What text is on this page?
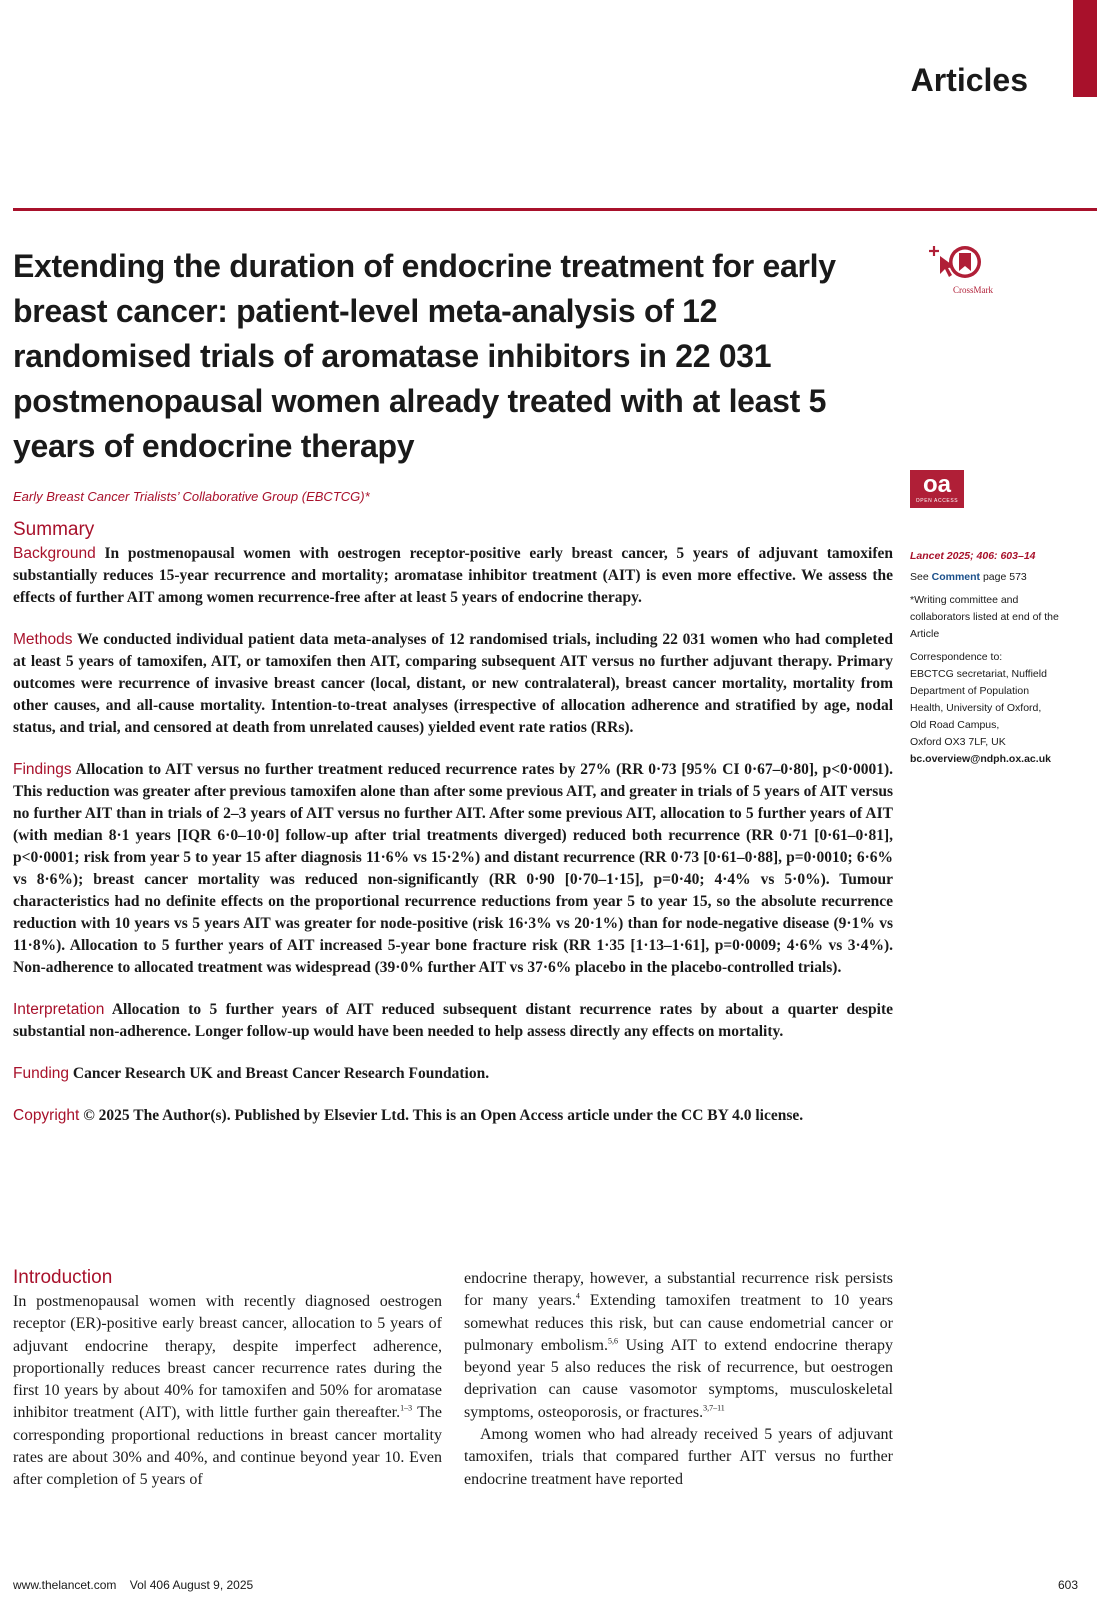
Articles
Extending the duration of endocrine treatment for early breast cancer: patient-level meta-analysis of 12 randomised trials of aromatase inhibitors in 22 031 postmenopausal women already treated with at least 5 years of endocrine therapy
CrossMark

Early Breast Cancer Trialists’ Collaborative Group (EBCTCG)*	oa
OPEN ACCESS
Summary

Background In postmenopausal women with oestrogen receptor-positive early breast cancer, 5 years of adjuvant tamoxifen substantially reduces 15-year recurrence and mortality; aromatase inhibitor treatment (AIT) is even more effective. We assess the effects of further AIT among women recurrence-free after at least 5 years of endocrine therapy.

Methods We conducted individual patient data meta-analyses of 12 randomised trials, including 22 031 women who had completed at least 5 years of tamoxifen, AIT, or tamoxifen then AIT, comparing subsequent AIT versus no further adjuvant therapy. Primary outcomes were recurrence of invasive breast cancer (local, distant, or new contralateral), breast cancer mortality, mortality from other causes, and all-cause mortality. Intention-to-treat analyses (irrespective of allocation adherence and stratified by age, nodal status, and trial, and censored at death from unrelated causes) yielded event rate ratios (RRs).

Findings Allocation to AIT versus no further treatment reduced recurrence rates by 27% (RR 0·73 [95% CI 0·67–0·80], p<0·0001). This reduction was greater after previous tamoxifen alone than after some previous AIT, and greater in trials of 5 years of AIT versus no further AIT than in trials of 2–3 years of AIT versus no further AIT. After some previous AIT, allocation to 5 further years of AIT (with median 8·1 years [IQR 6·0–10·0] follow-up after trial treatments diverged) reduced both recurrence (RR 0·71 [0·61–0·81], p<0·0001; risk from year 5 to year 15 after diagnosis 11·6% vs 15·2%) and distant recurrence (RR 0·73 [0·61–0·88], p=0·0010; 6·6% vs 8·6%); breast cancer mortality was reduced non-significantly (RR 0·90 [0·70–1·15], p=0·40; 4·4% vs 5·0%). Tumour characteristics had no definite effects on the proportional recurrence reductions from year 5 to year 15, so the absolute recurrence reduction with 10 years vs 5 years AIT was greater for node-positive (risk 16·3% vs 20·1%) than for node-negative disease (9·1% vs 11·8%). Allocation to 5 further years of AIT increased 5-year bone fracture risk (RR 1·35 [1·13–1·61], p=0·0009; 4·6% vs 3·4%). Non-adherence to allocated treatment was widespread (39·0% further AIT vs 37·6% placebo in the placebo-controlled trials).

Interpretation Allocation to 5 further years of AIT reduced subsequent distant recurrence rates by about a quarter despite substantial non-adherence. Longer follow-up would have been needed to help assess directly any effects on mortality.

Funding Cancer Research UK and Breast Cancer Research Foundation.

Copyright © 2025 The Author(s). Published by Elsevier Ltd. This is an Open Access article under the CC BY 4.0 license.

Lancet 2025; 406: 603–14
See Comment page 573
*Writing committee and collaborators listed at end of the Article
Correspondence to:
EBCTCG secretariat, Nuffield
Department of Population
Health, University of Oxford,
Old Road Campus,
Oxford OX3 7LF, UK
bc.overview@ndph.ox.ac.uk
Introduction

In postmenopausal women with recently diagnosed oestrogen receptor (ER)-positive early breast cancer, allocation to 5 years of adjuvant endocrine therapy, despite imperfect adherence, proportionally reduces breast cancer recurrence rates during the first 10 years by about 40% for tamoxifen and 50% for aromatase inhibitor treatment (AIT), with little further gain thereafter.$^{1-3}$ The corresponding proportional reductions in breast cancer mortality rates are about 30% and 40%, and continue beyond year 10. Even after completion of 5 years of

endocrine therapy, however, a substantial recurrence risk persists for many years.$^4$ Extending tamoxifen treatment to 10 years somewhat reduces this risk, but can cause endometrial cancer or pulmonary embolism.$^{5,6}$ Using AIT to extend endocrine therapy beyond year 5 also reduces the risk of recurrence, but oestrogen deprivation can cause vasomotor symptoms, musculoskeletal symptoms, osteoporosis, or fractures.$^{3,7-11}$

Among women who had already received 5 years of adjuvant tamoxifen, trials that compared further AIT versus no further endocrine treatment have reported

www.thelancet.com Vol 406 August 9, 2025	603
